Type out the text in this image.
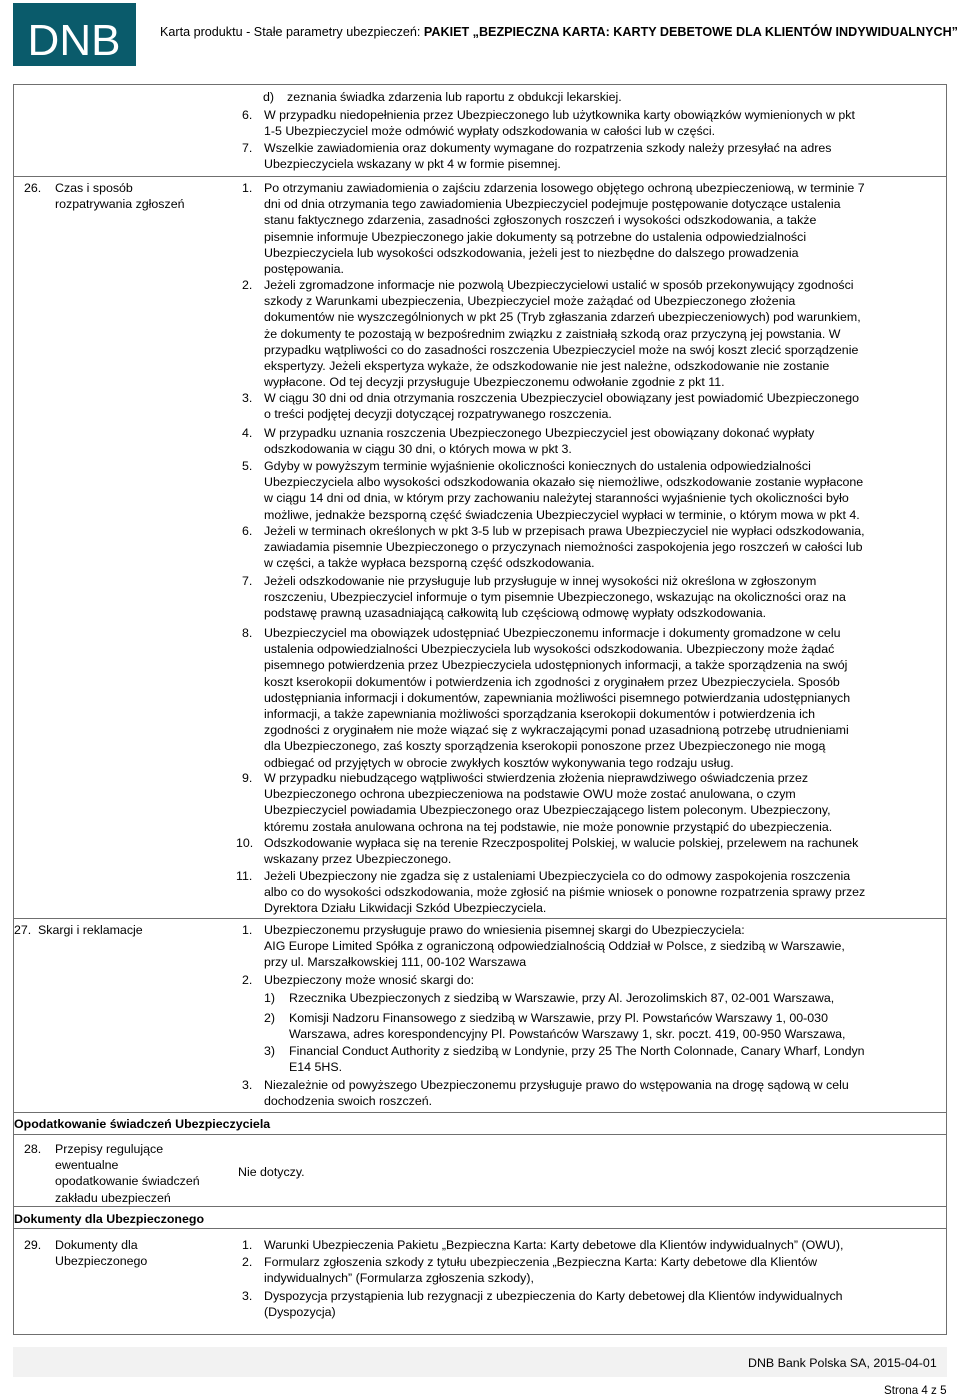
DNB	Karta produktu - Stałe parametry ubezpieczeń: PAKIET „BEZPIECZNA KARTA: KARTY DEBETOWE DLA KLIENTÓW INDYWIDUALNYCH”
d) zeznania świadka zdarzenia lub raportu z obdukcji lekarskiej.
6. W przypadku niedopełnienia przez Ubezpieczonego lub użytkownika karty obowiązków wymienionych w pkt
1-5 Ubezpieczyciel może odmówić wypłaty odszkodowania w całości lub w części.
7. Wszelkie zawiadomienia oraz dokumenty wymagane do rozpatrzenia szkody należy przesyłać na adres
Ubezpieczyciela wskazany w pkt 4 w formie pisemnej.
26. Czas i sposób
rozpatrywania zgłoszeń
1. Po otrzymaniu zawiadomienia o zajściu zdarzenia losowego objętego ochroną ubezpieczeniową, w terminie 7
dni od dnia otrzymania tego zawiadomienia Ubezpieczyciel podejmuje postępowanie dotyczące ustalenia
stanu faktycznego zdarzenia, zasadności zgłoszonych roszczeń i wysokości odszkodowania, a także
pisemnie informuje Ubezpieczonego jakie dokumenty są potrzebne do ustalenia odpowiedzialności
Ubezpieczyciela lub wysokości odszkodowania, jeżeli jest to niezbędne do dalszego prowadzenia
postępowania.
2. Jeżeli zgromadzone informacje nie pozwolą Ubezpieczycielowi ustalić w sposób przekonywujący zgodności
szkody z Warunkami ubezpieczenia, Ubezpieczyciel może zażądać od Ubezpieczonego złożenia
dokumentów nie wyszczególnionych w pkt 25 (Tryb zgłaszania zdarzeń ubezpieczeniowych) pod warunkiem,
że dokumenty te pozostają w bezpośrednim związku z zaistniałą szkodą oraz przyczyną jej powstania. W
przypadku wątpliwości co do zasadności roszczenia Ubezpieczyciel może na swój koszt zlecić sporządzenie
ekspertyzy. Jeżeli ekspertyza wykaże, że odszkodowanie nie jest należne, odszkodowanie nie zostanie
wypłacone. Od tej decyzji przysługuje Ubezpieczonemu odwołanie zgodnie z pkt 11.
3. W ciągu 30 dni od dnia otrzymania roszczenia Ubezpieczyciel obowiązany jest powiadomić Ubezpieczonego
o treści podjętej decyzji dotyczącej rozpatrywanego roszczenia.
4. W przypadku uznania roszczenia Ubezpieczonego Ubezpieczyciel jest obowiązany dokonać wypłaty
odszkodowania w ciągu 30 dni, o których mowa w pkt 3.
5. Gdyby w powyższym terminie wyjaśnienie okoliczności koniecznych do ustalenia odpowiedzialności
Ubezpieczyciela albo wysokości odszkodowania okazało się niemożliwe, odszkodowanie zostanie wypłacone
w ciągu 14 dni od dnia, w którym przy zachowaniu należytej staranności wyjaśnienie tych okoliczności było
możliwe, jednakże bezsporną część świadczenia Ubezpieczyciel wypłaci w terminie, o którym mowa w pkt 4.
6. Jeżeli w terminach określonych w pkt 3-5 lub w przepisach prawa Ubezpieczyciel nie wypłaci odszkodowania,
zawiadamia pisemnie Ubezpieczonego o przyczynach niemożności zaspokojenia jego roszczeń w całości lub
w części, a także wypłaca bezsporną część odszkodowania.
7. Jeżeli odszkodowanie nie przysługuje lub przysługuje w innej wysokości niż określona w zgłoszonym
roszczeniu, Ubezpieczyciel informuje o tym pisemnie Ubezpieczonego, wskazując na okoliczności oraz na
podstawę prawną uzasadniającą całkowitą lub częściową odmowę wypłaty odszkodowania.
8. Ubezpieczyciel ma obowiązek udostępniać Ubezpieczonemu informacje i dokumenty gromadzone w celu
ustalenia odpowiedzialności Ubezpieczyciela lub wysokości odszkodowania. Ubezpieczony może żądać
pisemnego potwierdzenia przez Ubezpieczyciela udostępnionych informacji, a także sporządzenia na swój
koszt kserokopii dokumentów i potwierdzenia ich zgodności z oryginałem przez Ubezpieczyciela. Sposób
udostępniania informacji i dokumentów, zapewniania możliwości pisemnego potwierdzania udostępnianych
informacji, a także zapewniania możliwości sporządzania kserokopii dokumentów i potwierdzenia ich
zgodności z oryginałem nie może wiązać się z wykraczającymi ponad uzasadnioną potrzebę utrudnieniami
dla Ubezpieczonego, zaś koszty sporządzenia kserokopii ponoszone przez Ubezpieczonego nie mogą
odbiegać od przyjętych w obrocie zwykłych kosztów wykonywania tego rodzaju usług.
9. W przypadku niebudzącego wątpliwości stwierdzenia złożenia nieprawdziwego oświadczenia przez
Ubezpieczonego ochrona ubezpieczeniowa na podstawie OWU może zostać anulowana, o czym
Ubezpieczyciel powiadamia Ubezpieczonego oraz Ubezpieczającego listem poleconym. Ubezpieczony,
któremu została anulowana ochrona na tej podstawie, nie może ponownie przystąpić do ubezpieczenia.
10. Odszkodowanie wypłaca się na terenie Rzeczpospolitej Polskiej, w walucie polskiej, przelewem na rachunek
wskazany przez Ubezpieczonego.
11. Jeżeli Ubezpieczony nie zgadza się z ustaleniami Ubezpieczyciela co do odmowy zaspokojenia roszczenia
albo co do wysokości odszkodowania, może zgłosić na piśmie wniosek o ponowne rozpatrzenia sprawy przez
Dyrektora Działu Likwidacji Szkód Ubezpieczyciela.
27. Skargi i reklamacje	1. Ubezpieczonemu przysługuje prawo do wniesienia pisemnej skargi do Ubezpieczyciela:
AIG Europe Limited Spółka z ograniczoną odpowiedzialnością Oddział w Polsce, z siedzibą w Warszawie,
przy ul. Marszałkowskiej 111, 00-102 Warszawa
2. Ubezpieczony może wnosić skargi do:
1) Rzecznika Ubezpieczonych z siedzibą w Warszawie, przy Al. Jerozolimskich 87, 02-001 Warszawa,
2) Komisji Nadzoru Finansowego z siedzibą w Warszawie, przy Pl. Powstańców Warszawy 1, 00-030
Warszawa, adres korespondencyjny Pl. Powstańców Warszawy 1, skr. poczt. 419, 00-950 Warszawa,
3) Financial Conduct Authority z siedzibą w Londynie, przy 25 The North Colonnade, Canary Wharf, Londyn
E14 5HS.
3. Niezależnie od powyższego Ubezpieczonemu przysługuje prawo do wstępowania na drogę sądową w celu
dochodzenia swoich roszczeń.
Opodatkowanie świadczeń Ubezpieczyciela
28. Przepisy regulujące
ewentualne
opodatkowanie świadczeń
zakładu ubezpieczeń
Nie dotyczy.
Dokumenty dla Ubezpieczonego
29. Dokumenty dla
Ubezpieczonego
1. Warunki Ubezpieczenia Pakietu „Bezpieczna Karta: Karty debetowe dla Klientów indywidualnych” (OWU),
2. Formularz zgłoszenia szkody z tytułu ubezpieczenia „Bezpieczna Karta: Karty debetowe dla Klientów
indywidualnych” (Formularza zgłoszenia szkody),
3. Dyspozycja przystąpienia lub rezygnacji z ubezpieczenia do Karty debetowej dla Klientów indywidualnych
(Dyspozycja)
DNB Bank Polska SA, 2015-04-01
Strona 4 z 5
